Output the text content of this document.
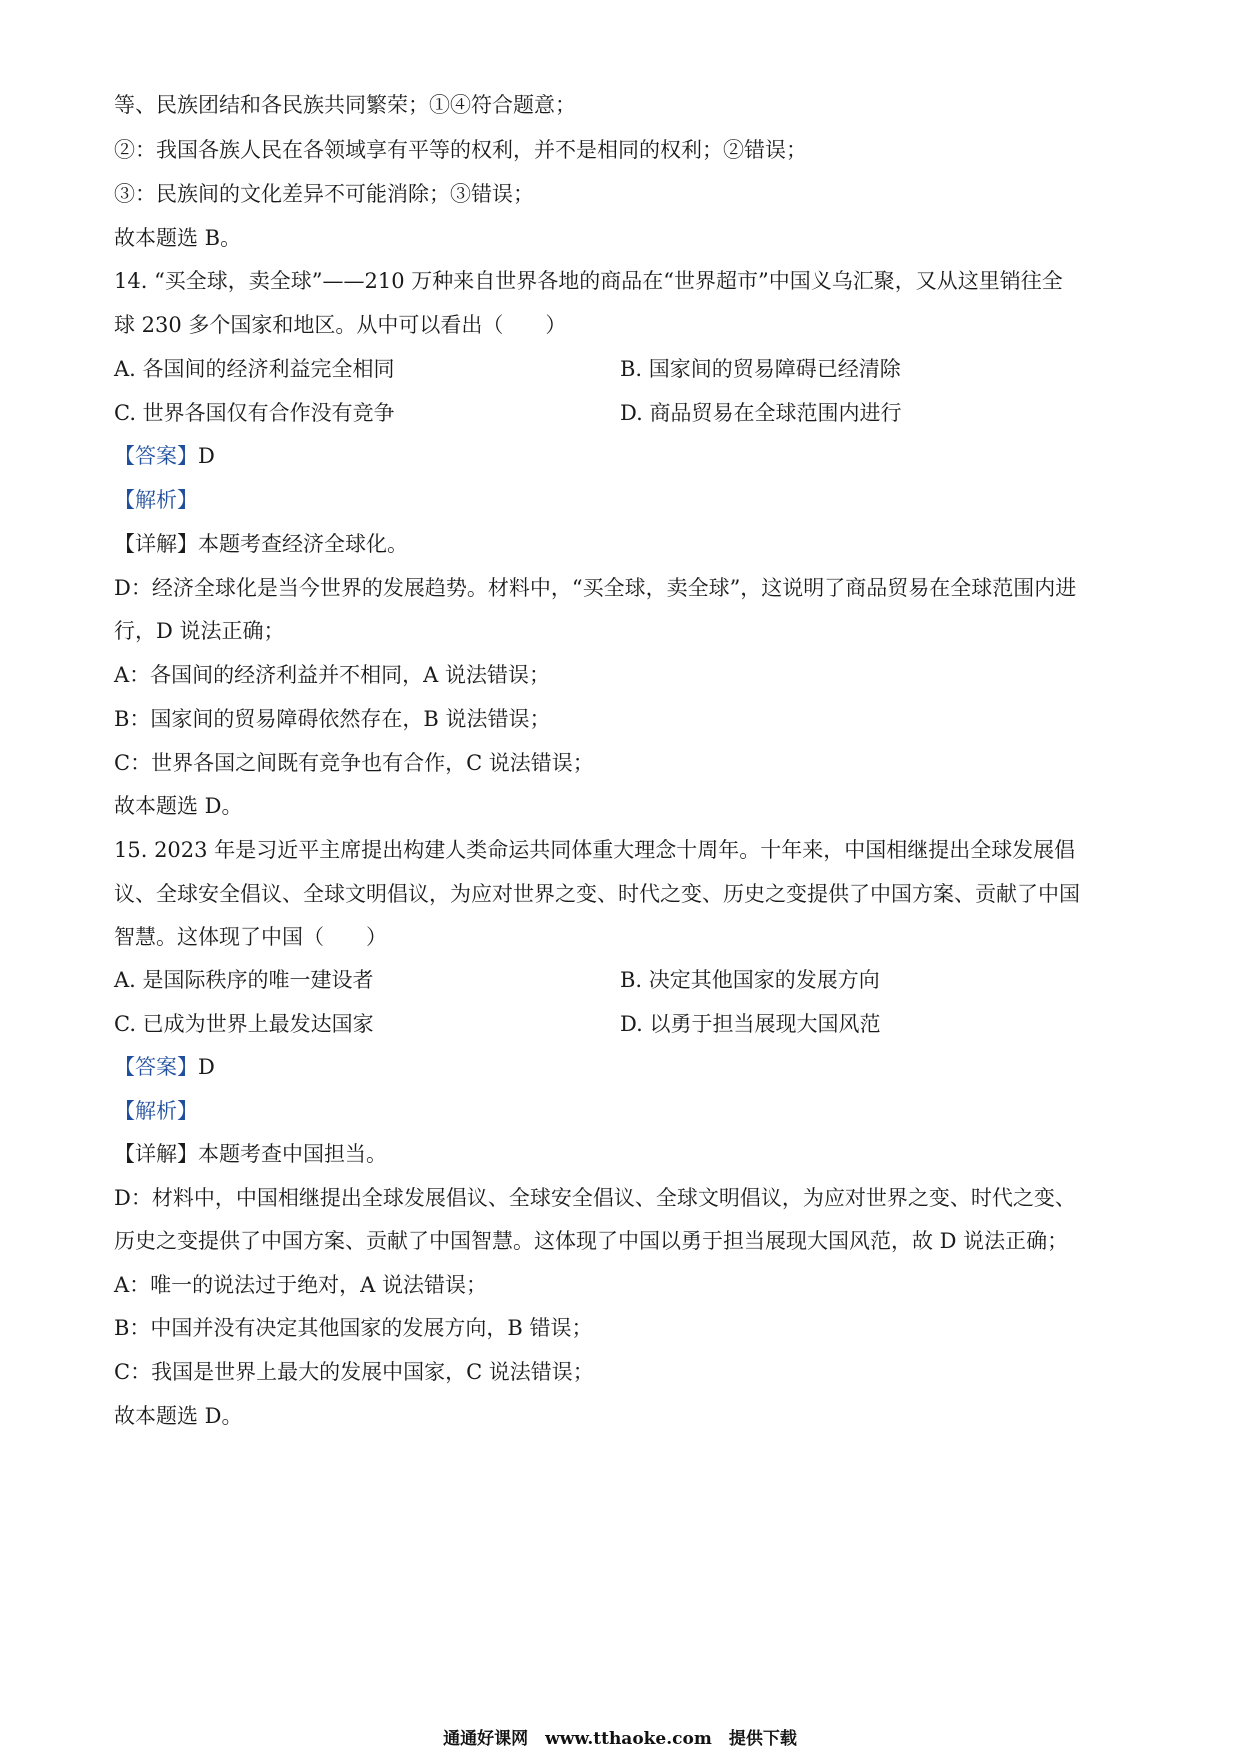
等、民族团结和各民族共同繁荣；①④符合题意；
②：我国各族人民在各领域享有平等的权利，并不是相同的权利；②错误；
③：民族间的文化差异不可能消除；③错误；
故本题选 B。
14. “买全球，卖全球”——210 万种来自世界各地的商品在“世界超市”中国义乌汇聚，又从这里销往全
球 230 多个国家和地区。从中可以看出（　　）
A. 各国间的经济利益完全相同	B. 国家间的贸易障碍已经清除
C. 世界各国仅有合作没有竞争	D. 商品贸易在全球范围内进行
【答案】D
【解析】
【详解】本题考查经济全球化。
D：经济全球化是当今世界的发展趋势。材料中，“买全球，卖全球”，这说明了商品贸易在全球范围内进
行，D 说法正确；
A：各国间的经济利益并不相同，A 说法错误；
B：国家间的贸易障碍依然存在，B 说法错误；
C：世界各国之间既有竞争也有合作，C 说法错误；
故本题选 D。
15. 2023 年是习近平主席提出构建人类命运共同体重大理念十周年。十年来，中国相继提出全球发展倡
议、全球安全倡议、全球文明倡议，为应对世界之变、时代之变、历史之变提供了中国方案、贡献了中国
智慧。这体现了中国（　　）
A. 是国际秩序的唯一建设者	B. 决定其他国家的发展方向
C. 已成为世界上最发达国家	D. 以勇于担当展现大国风范
【答案】D
【解析】
【详解】本题考查中国担当。
D：材料中，中国相继提出全球发展倡议、全球安全倡议、全球文明倡议，为应对世界之变、时代之变、
历史之变提供了中国方案、贡献了中国智慧。这体现了中国以勇于担当展现大国风范，故 D 说法正确；
A：唯一的说法过于绝对，A 说法错误；
B：中国并没有决定其他国家的发展方向，B 错误；
C：我国是世界上最大的发展中国家，C 说法错误；
故本题选 D。
通通好课网　www.tthaoke.com　提供下载
